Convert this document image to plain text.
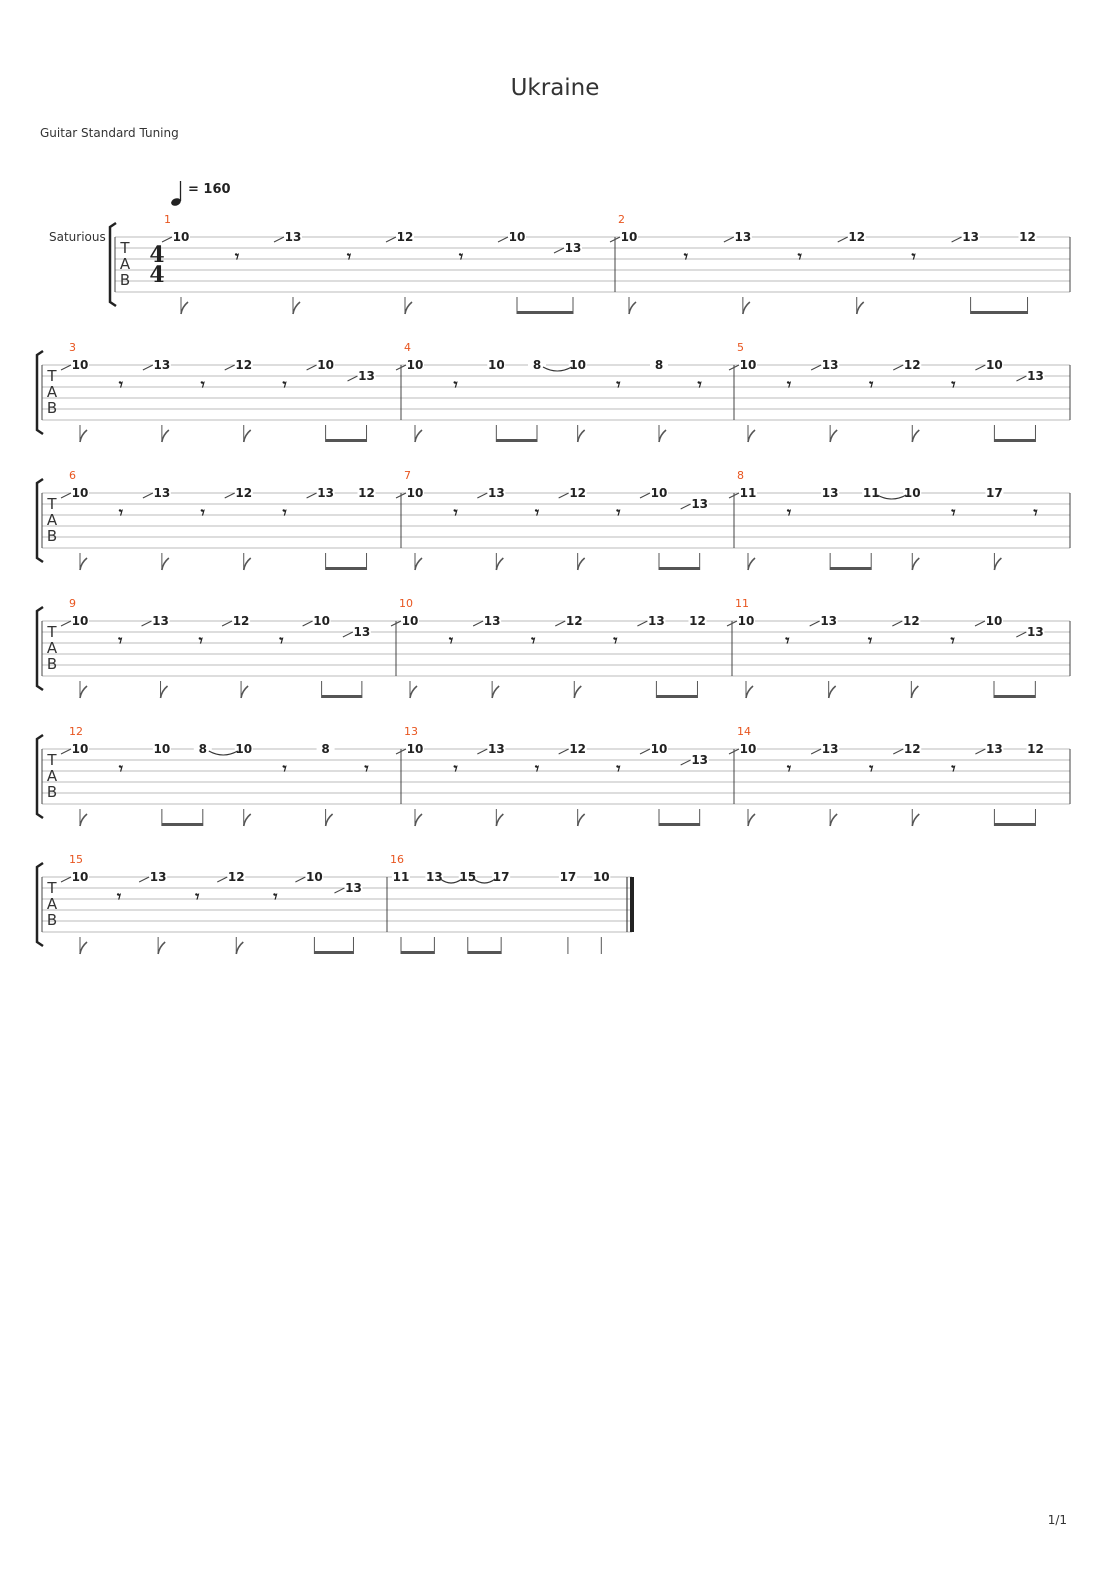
Ukraine
Guitar Standard Tuning
= 160
Saturious
T
A
B
4
4
1
10
𝄾
13
𝄾
12
𝄾
10
13
2
10
𝄾
13
𝄾
12
𝄾
13	12
T
A
B
3
10
𝄾
13
𝄾
12
𝄾
10
13
4
10
𝄾
10 8 10
𝄾
8
𝄾
5
10
𝄾
13
𝄾
12
𝄾
10
13
T
A
B
6
10
𝄾
13
𝄾
12
𝄾
13 12
7
10
𝄾
13
𝄾
12
𝄾
10
13
8
11
𝄾
13 11 10
𝄾
17
𝄾
T
A
B
9
10
𝄾
13
𝄾
12
𝄾
10
13
10
10
𝄾
13
𝄾
12
𝄾
13 12
11
10
𝄾
13
𝄾
12
𝄾
10
13
T
A
B
12
10
𝄾
10 8 10
𝄾
8
𝄾
13
10
𝄾
13
𝄾
12
𝄾
10
13
14
10
𝄾
13
𝄾
12
𝄾
13 12
T
A
B
15
10
𝄾
13
𝄾
12
𝄾
10
13
16
11 13 15 17	17 10
1/1
